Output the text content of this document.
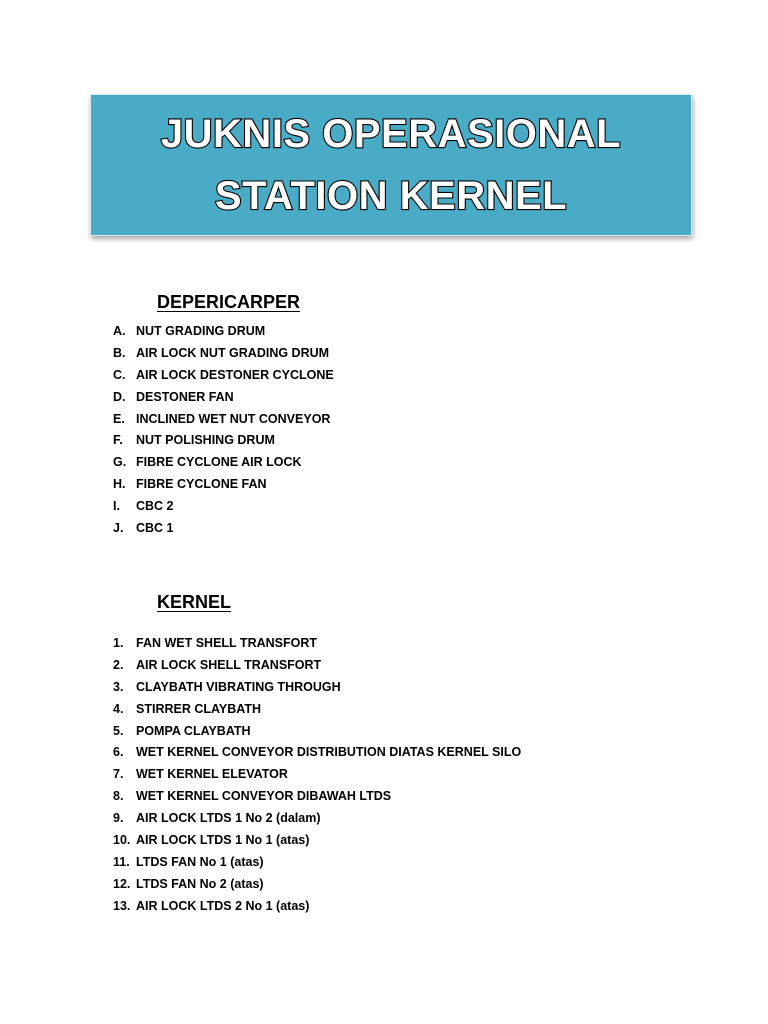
JUKNIS OPERASIONAL
STATION KERNEL
DEPERICARPER
A. NUT GRADING DRUM
B. AIR LOCK NUT GRADING DRUM
C. AIR LOCK DESTONER CYCLONE
D. DESTONER FAN
E. INCLINED WET NUT CONVEYOR
F. NUT POLISHING DRUM
G. FIBRE CYCLONE AIR LOCK
H. FIBRE CYCLONE FAN
I. CBC 2
J. CBC 1
KERNEL
1. FAN WET SHELL TRANSFORT
2. AIR LOCK SHELL TRANSFORT
3. CLAYBATH VIBRATING THROUGH
4. STIRRER CLAYBATH
5. POMPA CLAYBATH
6. WET KERNEL CONVEYOR DISTRIBUTION DIATAS KERNEL SILO
7. WET KERNEL ELEVATOR
8. WET KERNEL CONVEYOR DIBAWAH LTDS
9. AIR LOCK LTDS 1 No 2 (dalam)
10. AIR LOCK LTDS 1 No 1 (atas)
11. LTDS FAN No 1 (atas)
12. LTDS FAN No 2 (atas)
13. AIR LOCK LTDS 2 No 1 (atas)
